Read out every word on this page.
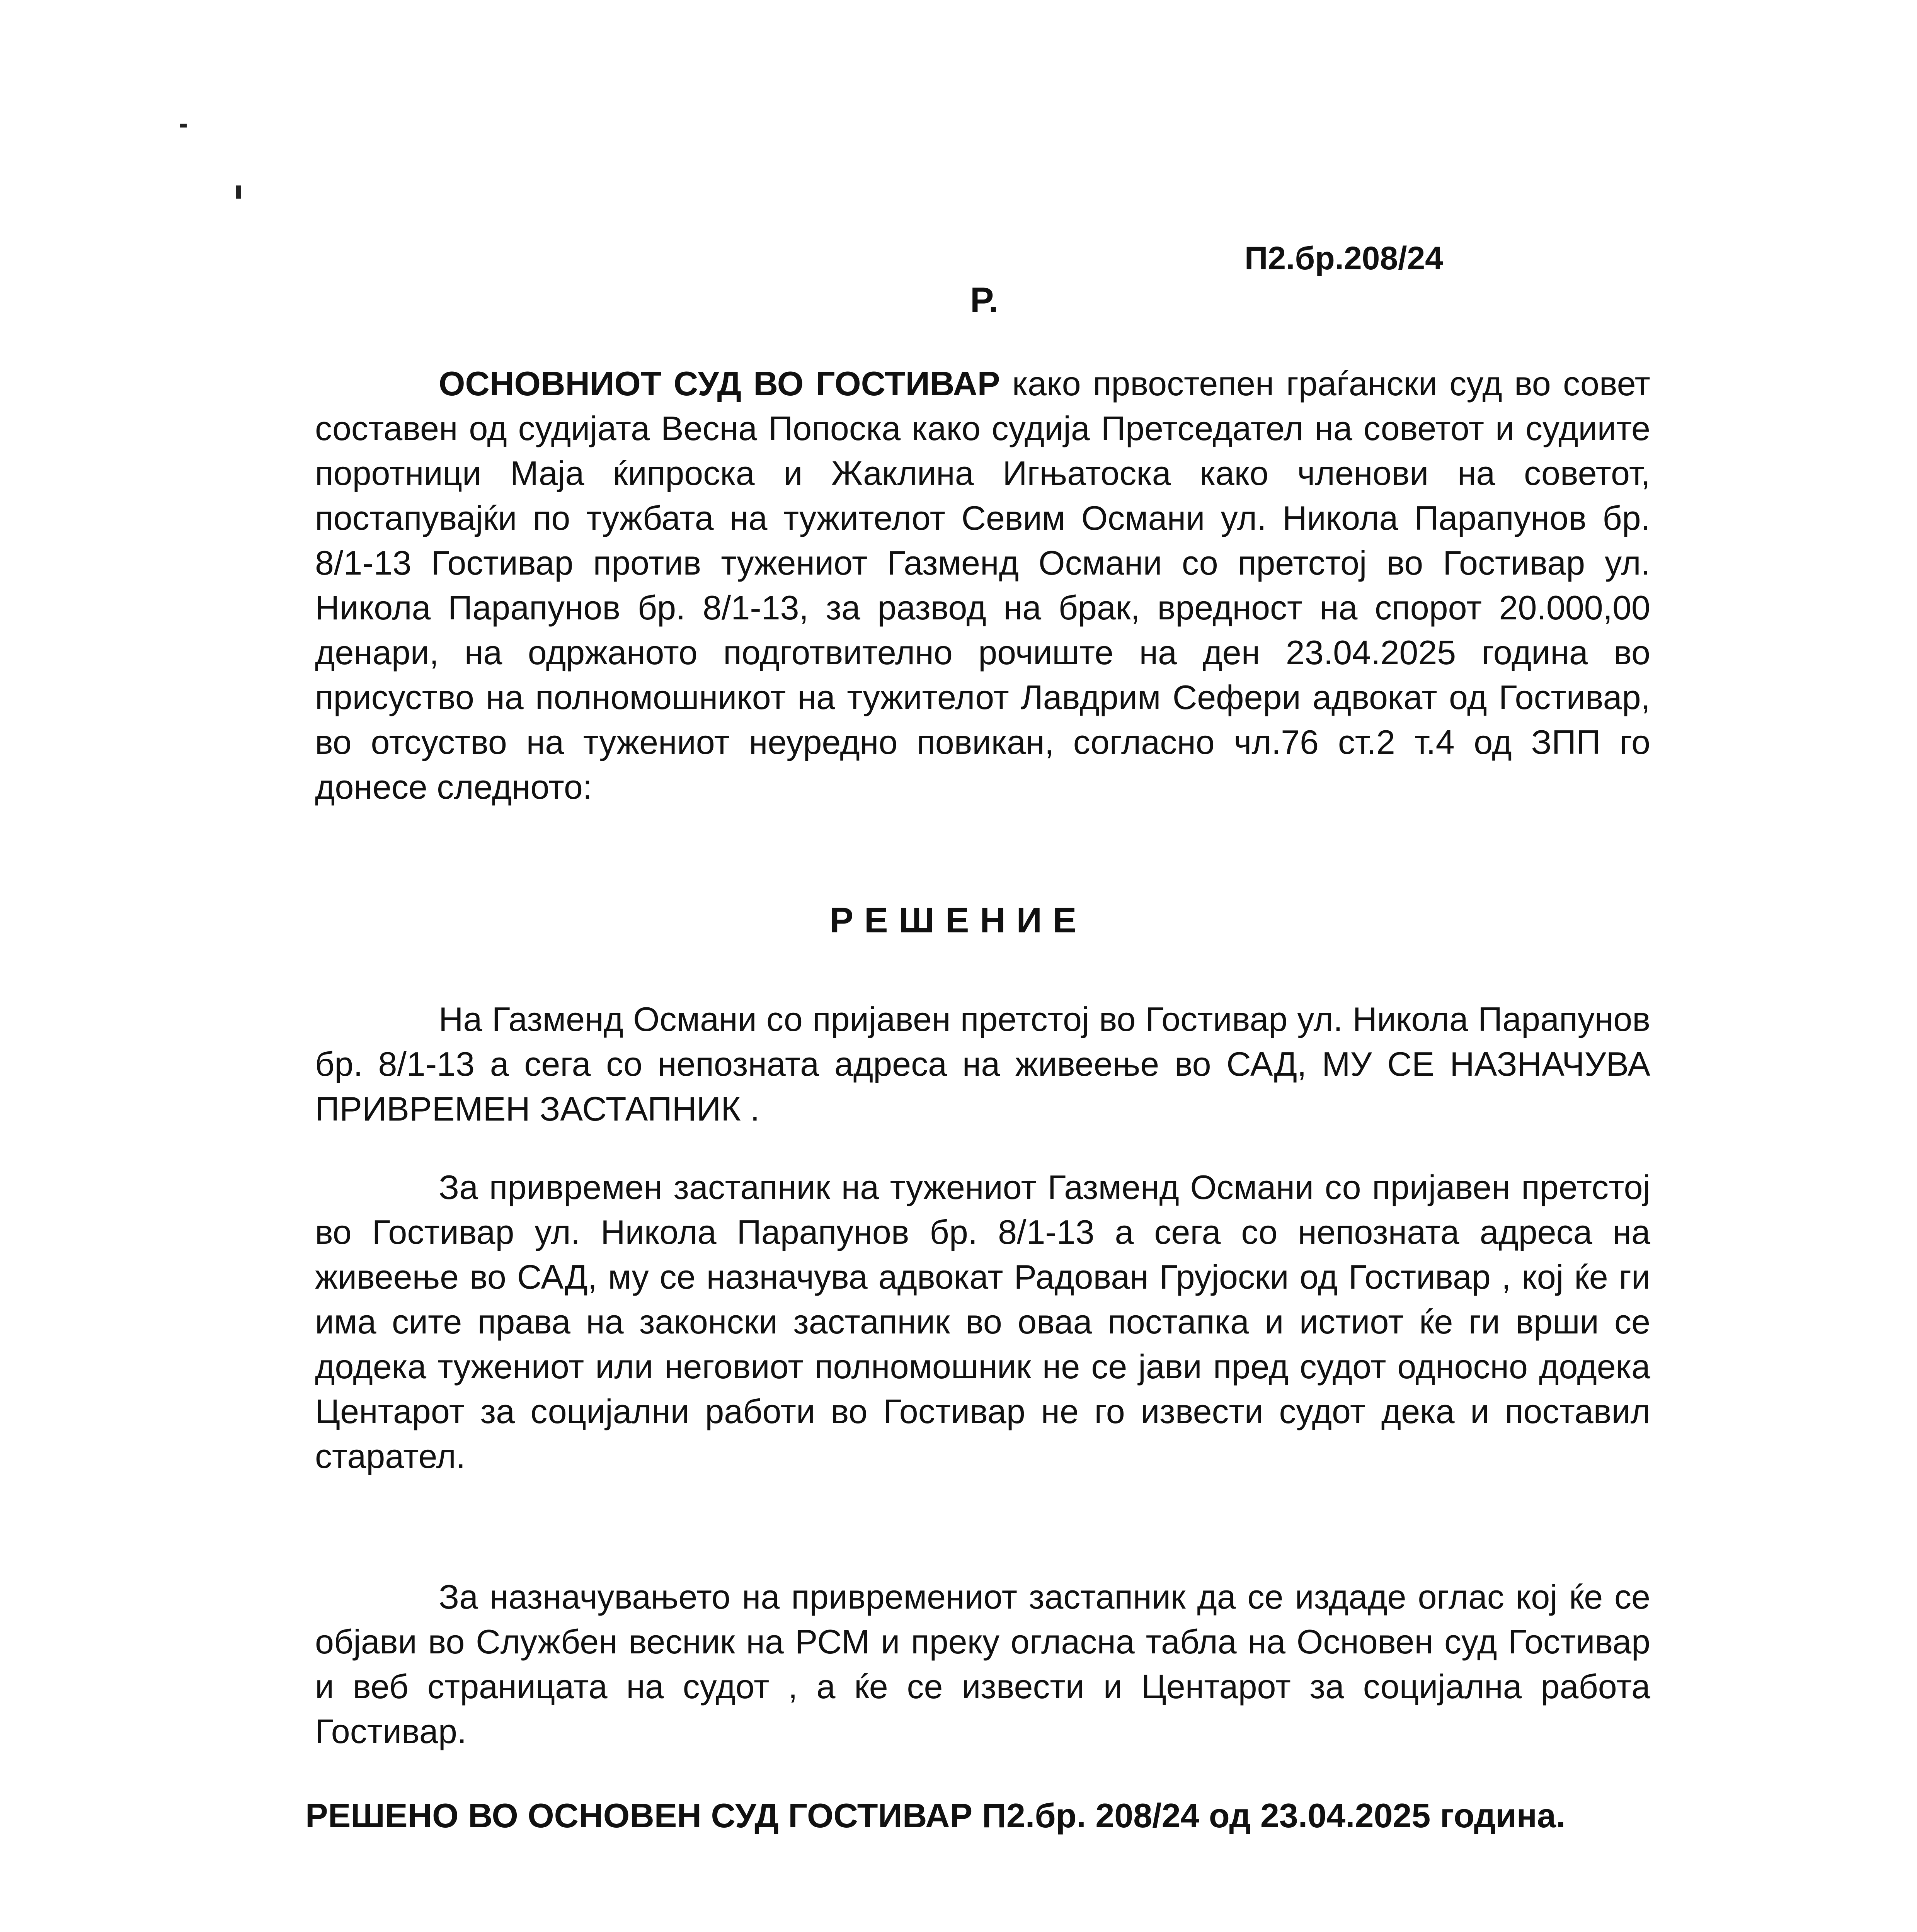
П2.бр.208/24
Р.

ОСНОВНИОТ СУД ВО ГОСТИВАР како првостепен граѓански суд во совет составен од судијата Весна Попоска како судија Претседател на советот и судиите поротници Маја ќипроска и Жаклина Игњатоска како членови на советот, постапувајќи по тужбата на тужителот Севим Османи ул. Никола Парапунов бр. 8/1-13 Гостивар против тужениот Газменд Османи со претстој во Гостивар ул. Никола Парапунов бр. 8/1-13, за развод на брак, вредност на спорот 20.000,00 денари, на одржаното подготвително рочиште на ден 23.04.2025 година во присуство на полномошникот на тужителот Лавдрим Сефери адвокат од Гостивар, во отсуство на тужениот неуредно повикан, согласно чл.76 ст.2 т.4 од ЗПП го донесе следното:

РЕШЕНИЕ

На Газменд Османи со пријавен претстој во Гостивар ул. Никола Парапунов бр. 8/1-13 а сега со непозната адреса на живеење во САД, МУ СЕ НАЗНАЧУВА ПРИВРЕМЕН ЗАСТАПНИК .

За привремен застапник на тужениот Газменд Османи со пријавен претстој во Гостивар ул. Никола Парапунов бр. 8/1-13 а сега со непозната адреса на живеење во САД, му се назначува адвокат Радован Грујоски од Гостивар , кој ќе ги има сите права на законски застапник во оваа постапка и истиот ќе ги врши се додека тужениот или неговиот полномошник не се јави пред судот односно додека Центарот за социјални работи во Гостивар не го извести судот дека и поставил старател.

За назначувањето на привремениот застапник да се издаде оглас кој ќе се објави во Службен весник на РСМ и преку огласна табла на Основен суд Гостивар и веб страницата на судот , а ќе се извести и Центарот за социјална работа Гостивар.

РЕШЕНО ВО ОСНОВЕН СУД ГОСТИВАР П2.бр. 208/24 од 23.04.2025 година.
